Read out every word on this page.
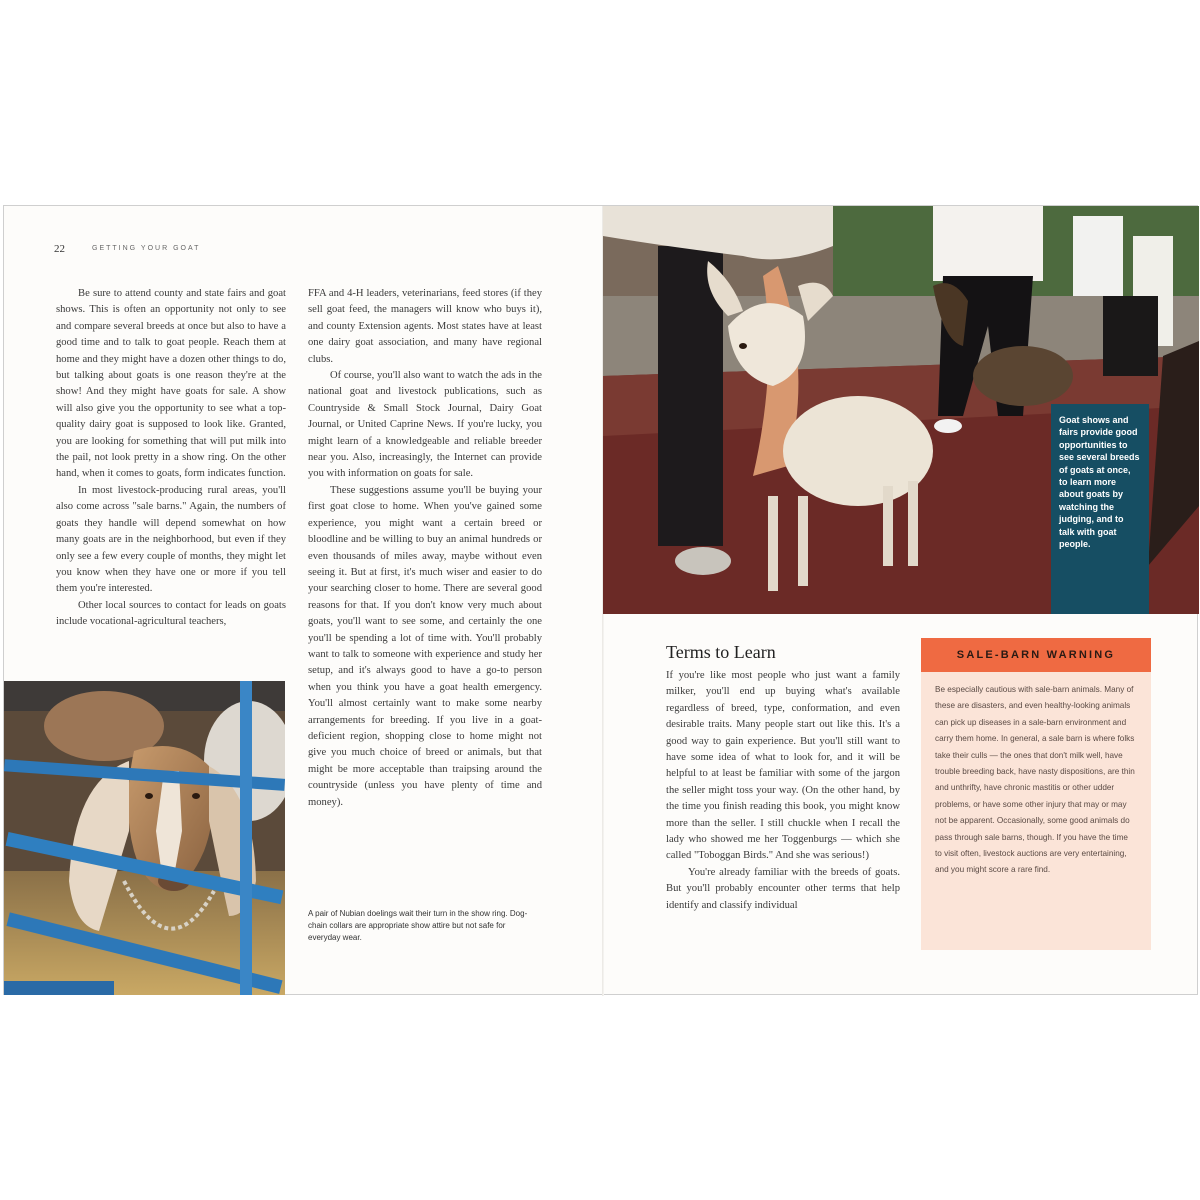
22	GETTING YOUR GOAT

Be sure to attend county and state fairs and goat shows. This is often an opportunity not only to see and compare several breeds at once but also to have a good time and to talk to goat people. Reach them at home and they might have a dozen other things to do, but talking about goats is one reason they're at the show! And they might have goats for sale. A show will also give you the opportunity to see what a top-quality dairy goat is supposed to look like. Granted, you are looking for something that will put milk into the pail, not look pretty in a show ring. On the other hand, when it comes to goats, form indicates function.

In most livestock-producing rural areas, you'll also come across "sale barns." Again, the numbers of goats they handle will depend somewhat on how many goats are in the neighborhood, but even if they only see a few every couple of months, they might let you know when they have one or more if you tell them you're interested.

Other local sources to contact for leads on goats include vocational-agricultural teachers,

FFA and 4-H leaders, veterinarians, feed stores (if they sell goat feed, the managers will know who buys it), and county Extension agents. Most states have at least one dairy goat association, and many have regional clubs.

Of course, you'll also want to watch the ads in the national goat and livestock publications, such as Countryside & Small Stock Journal, Dairy Goat Journal, or United Caprine News. If you're lucky, you might learn of a knowledgeable and reliable breeder near you. Also, increasingly, the Internet can provide you with information on goats for sale.

These suggestions assume you'll be buying your first goat close to home. When you've gained some experience, you might want a certain breed or bloodline and be willing to buy an animal hundreds or even thousands of miles away, maybe without even seeing it. But at first, it's much wiser and easier to do your searching closer to home. There are several good reasons for that. If you don't know very much about goats, you'll want to see some, and certainly the one you'll be spending a lot of time with. You'll probably want to talk to someone with experience and study her setup, and it's always good to have a go-to person when you think you have a goat health emergency. You'll almost certainly want to make some nearby arrangements for breeding. If you live in a goat-deficient region, shopping close to home might not give you much choice of breed or animals, but that might be more acceptable than traipsing around the countryside (unless you have plenty of time and money).

A pair of Nubian doelings wait their turn in the show ring. Dog-chain collars are appropriate show attire but not safe for everyday wear.
Goat shows and fairs provide good opportunities to see several breeds of goats at once, to learn more about goats by watching the judging, and to talk with goat people.
Terms to Learn

If you're like most people who just want a family milker, you'll end up buying what's available regardless of breed, type, conformation, and even desirable traits. Many people start out like this. It's a good way to gain experience. But you'll still want to have some idea of what to look for, and it will be helpful to at least be familiar with some of the jargon the seller might toss your way. (On the other hand, by the time you finish reading this book, you might know more than the seller. I still chuckle when I recall the lady who showed me her Toggenburgs — which she called "Toboggan Birds." And she was serious!)

You're already familiar with the breeds of goats. But you'll probably encounter other terms that help identify and classify individual

SALE-BARN WARNING
Be especially cautious with sale-barn animals. Many of these are disasters, and even healthy-looking animals can pick up diseases in a sale-barn environment and carry them home. In general, a sale barn is where folks take their culls — the ones that don't milk well, have trouble breeding back, have nasty dispositions, are thin and unthrifty, have chronic mastitis or other udder problems, or have some other injury that may or may not be apparent. Occasionally, some good animals do pass through sale barns, though. If you have the time to visit often, livestock auctions are very entertaining, and you might score a rare find.
